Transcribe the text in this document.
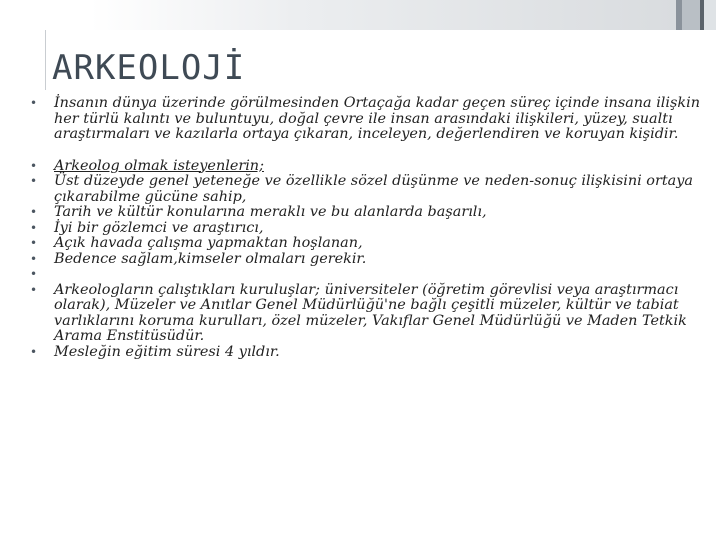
ARKEOLOJİ

• İnsanın dünya üzerinde görülmesinden Ortaçağa kadar geçen süreç içinde insana ilişkin her türlü kalıntı ve buluntuyu, doğal çevre ile insan arasındaki ilişkileri, yüzey, sualtı araştırmaları ve kazılarla ortaya çıkaran, inceleyen, değerlendiren ve koruyan kişidir.

• Arkeolog olmak isteyenlerin;

• Üst düzeyde genel yeteneğe ve özellikle sözel düşünme ve neden-sonuç ilişkisini ortaya çıkarabilme gücüne sahip,

• Tarih ve kültür konularına meraklı ve bu alanlarda başarılı,

• İyi bir gözlemci ve araştırıcı,

• Açık havada çalışma yapmaktan hoşlanan,

• Bedence sağlam,kimseler olmaları gerekir.

•

• Arkeologların çalıştıkları kuruluşlar; üniversiteler (öğretim görevlisi veya araştırmacı olarak), Müzeler ve Anıtlar Genel Müdürlüğü'ne bağlı çeşitli müzeler, kültür ve tabiat varlıklarını koruma kurulları, özel müzeler, Vakıflar Genel Müdürlüğü ve Maden Tetkik Arama Enstitüsüdür.

• Mesleğin eğitim süresi 4 yıldır.
